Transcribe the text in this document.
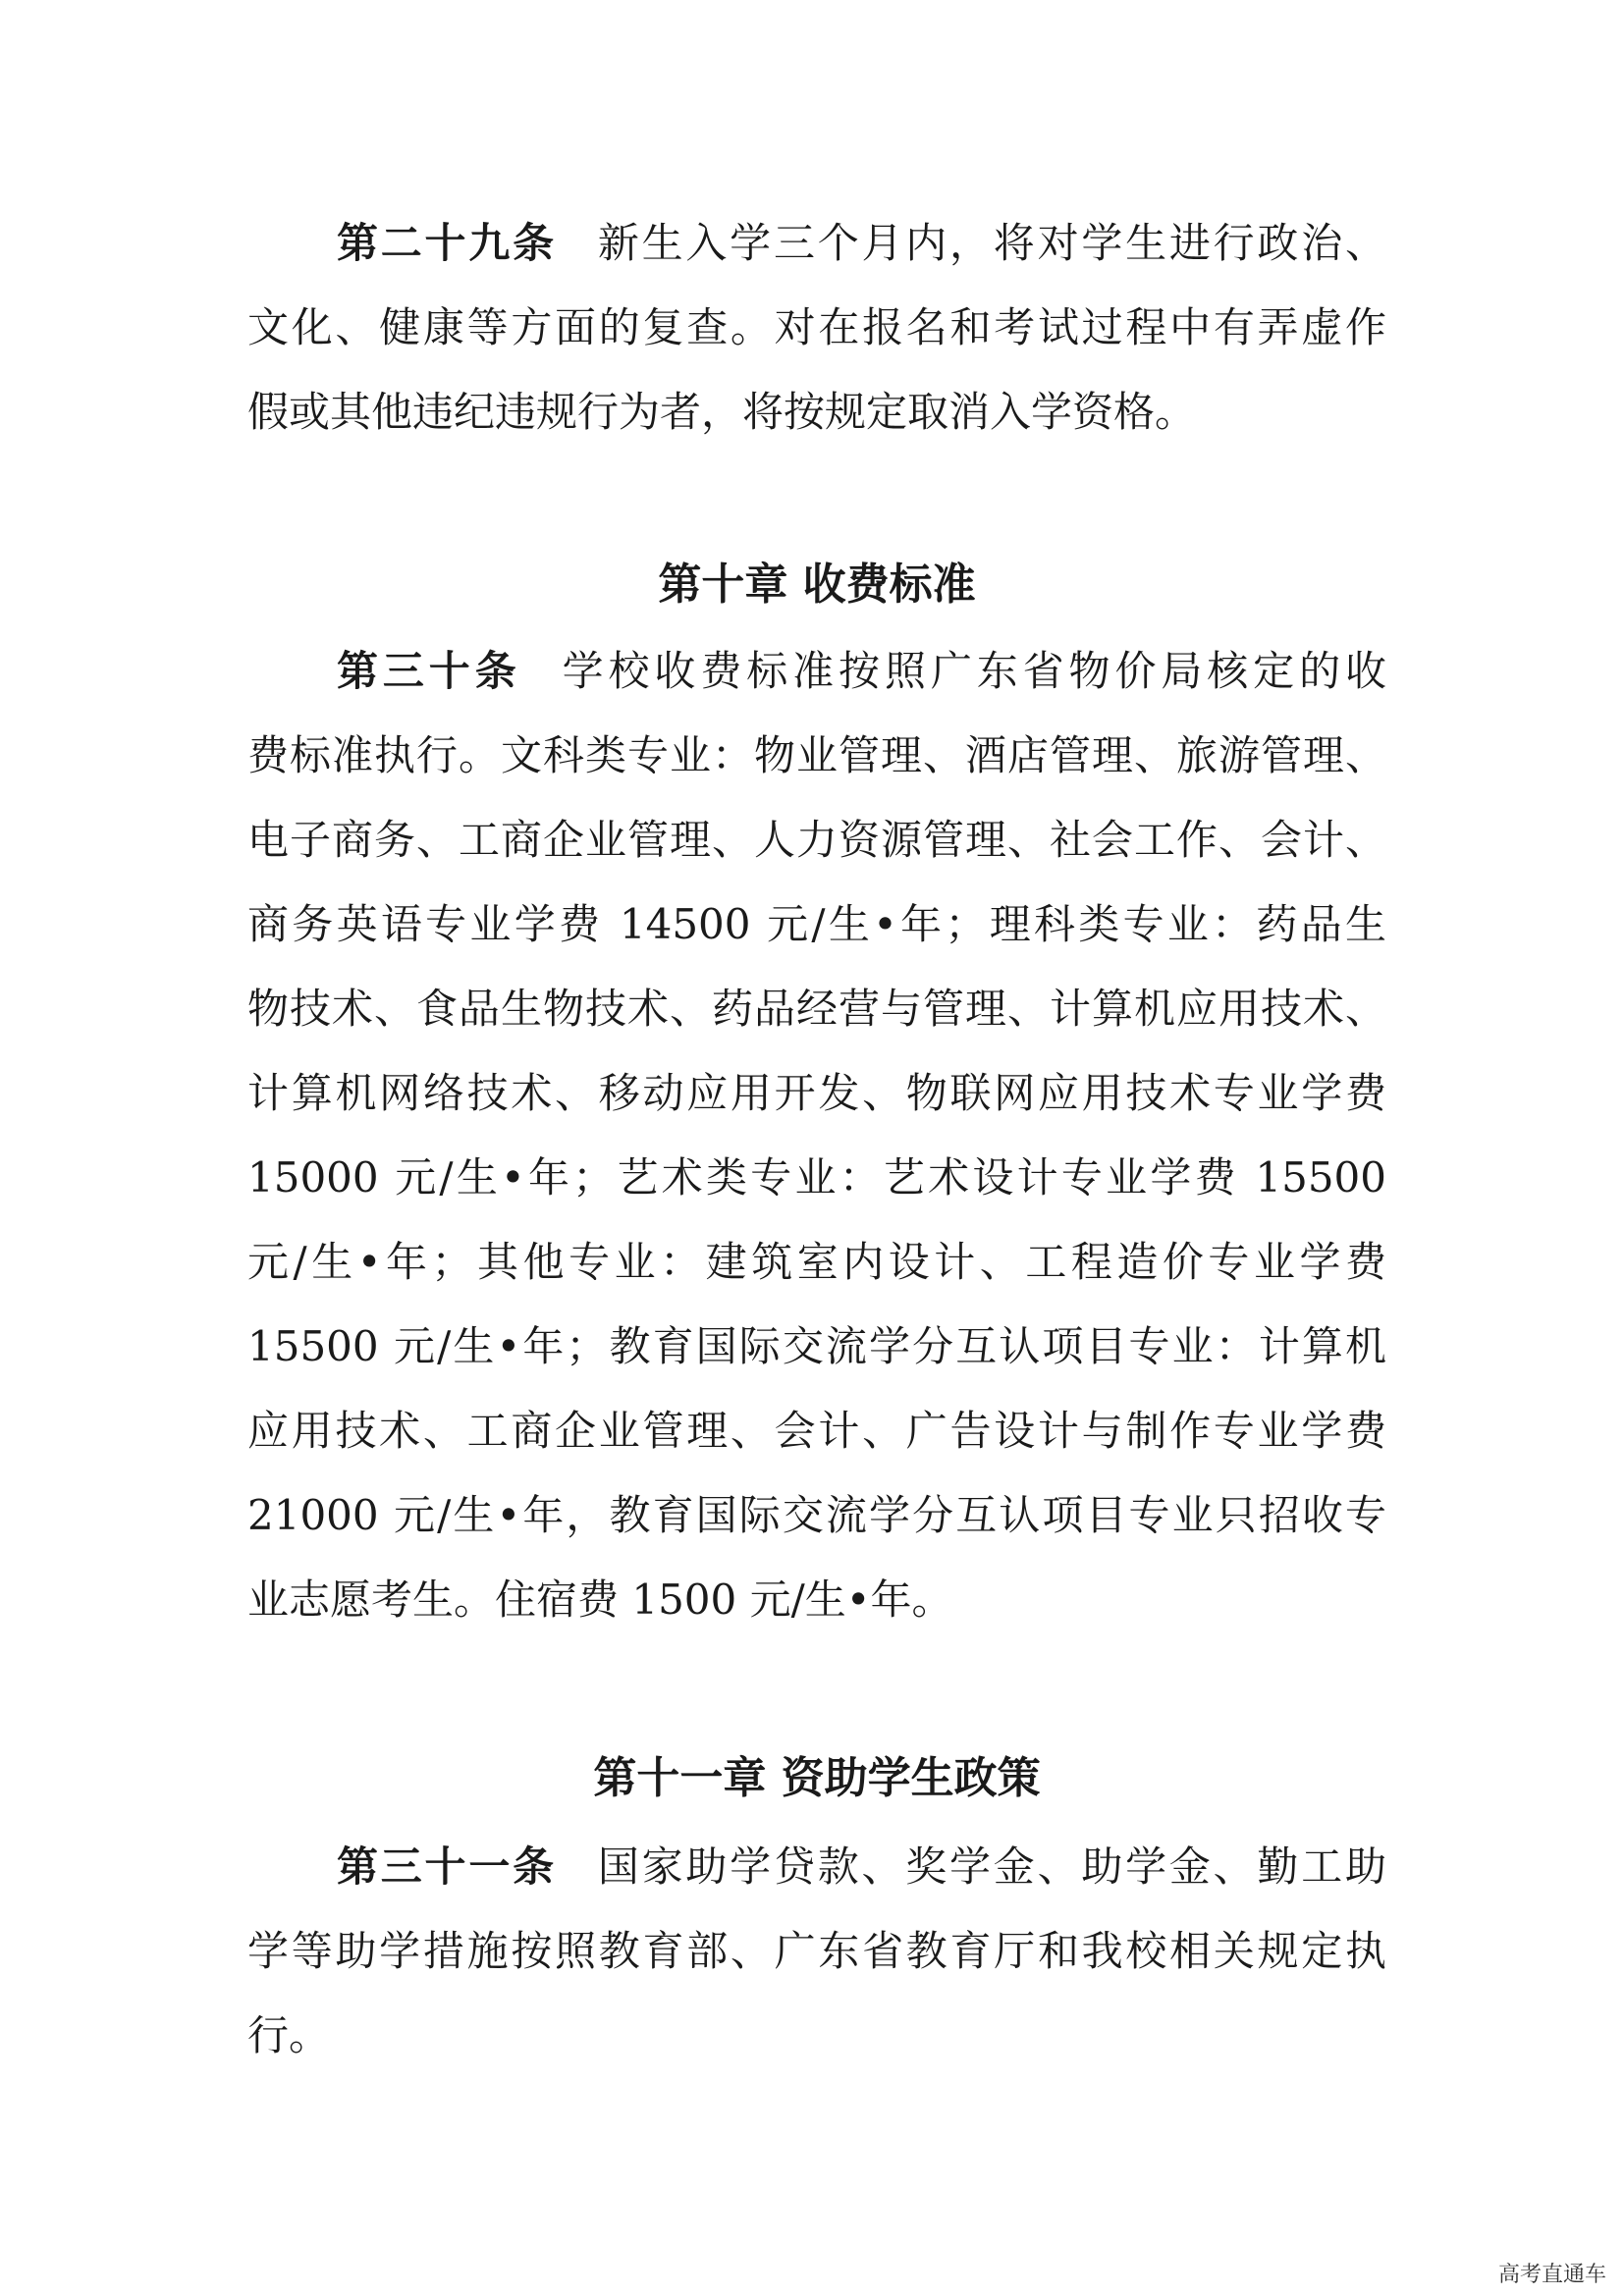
第二十九条 新生入学三个月内，将对学生进行政治、
文化、健康等方面的复查。对在报名和考试过程中有弄虚作
假或其他违纪违规行为者，将按规定取消入学资格。
第十章 收费标准
第三十条 学校收费标准按照广东省物价局核定的收
费标准执行。文科类专业：物业管理、酒店管理、旅游管理、
电子商务、工商企业管理、人力资源管理、社会工作、会计、
商务英语专业学费 14500 元/生•年；理科类专业：药品生
物技术、食品生物技术、药品经营与管理、计算机应用技术、
计算机网络技术、移动应用开发、物联网应用技术专业学费
15000 元/生•年；艺术类专业：艺术设计专业学费 15500
元/生•年；其他专业：建筑室内设计、工程造价专业学费
15500 元/生•年；教育国际交流学分互认项目专业：计算机
应用技术、工商企业管理、会计、广告设计与制作专业学费
21000 元/生•年，教育国际交流学分互认项目专业只招收专
业志愿考生。住宿费 1500 元/生•年。
第十一章 资助学生政策
第三十一条 国家助学贷款、奖学金、助学金、勤工助
学等助学措施按照教育部、广东省教育厅和我校相关规定执
行。
高考直通车
